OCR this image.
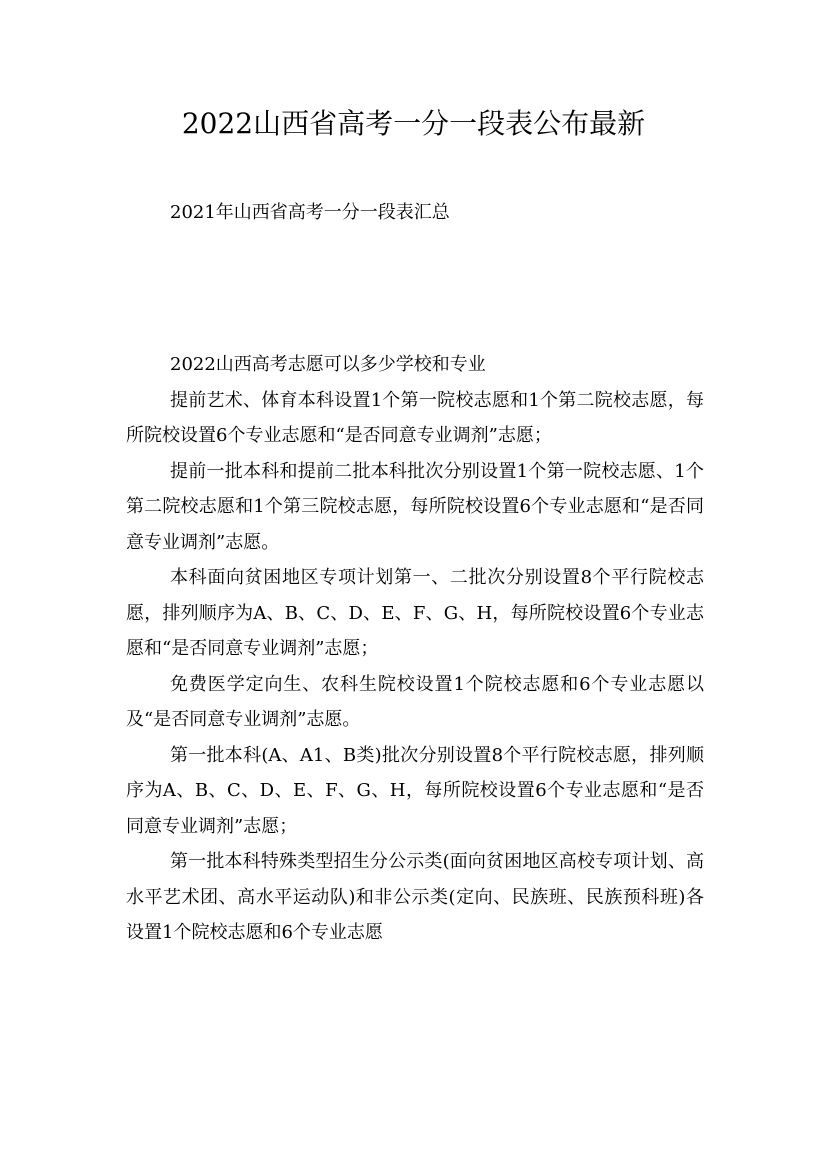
2022山西省高考一分一段表公布最新

2021年山西省高考一分一段表汇总

2022山西高考志愿可以多少学校和专业

提前艺术、体育本科设置1个第一院校志愿和1个第二院校志愿，每所院校设置6个专业志愿和“是否同意专业调剂”志愿；

提前一批本科和提前二批本科批次分别设置1个第一院校志愿、1个第二院校志愿和1个第三院校志愿，每所院校设置6个专业志愿和“是否同意专业调剂”志愿。

本科面向贫困地区专项计划第一、二批次分别设置8个平行院校志愿，排列顺序为A、B、C、D、E、F、G、H，每所院校设置6个专业志愿和“是否同意专业调剂”志愿；

免费医学定向生、农科生院校设置1个院校志愿和6个专业志愿以及“是否同意专业调剂”志愿。

第一批本科(A、A1、B类)批次分别设置8个平行院校志愿，排列顺序为A、B、C、D、E、F、G、H，每所院校设置6个专业志愿和“是否同意专业调剂”志愿；

第一批本科特殊类型招生分公示类(面向贫困地区高校专项计划、高水平艺术团、高水平运动队)和非公示类(定向、民族班、民族预科班)各设置1个院校志愿和6个专业志愿
